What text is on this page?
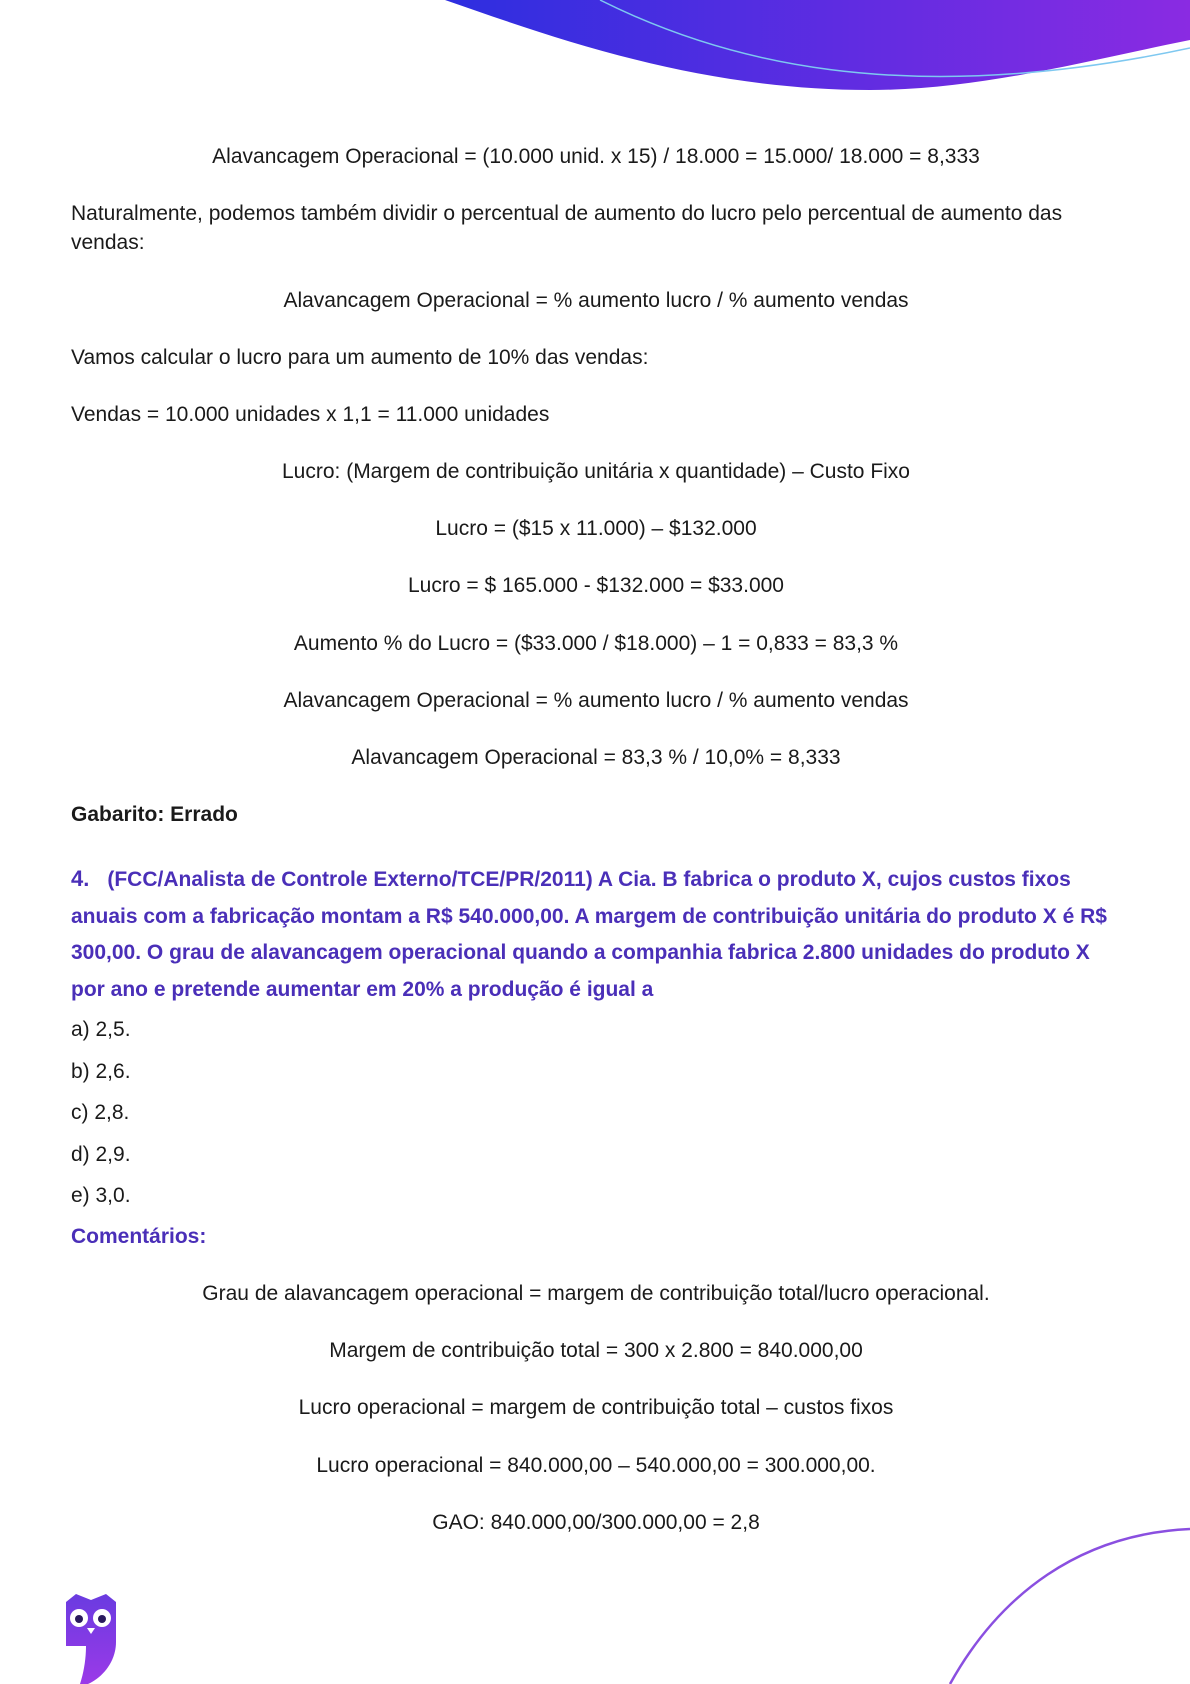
Alavancagem Operacional = (10.000 unid. x 15) / 18.000 = 15.000/ 18.000 = 8,333
Naturalmente, podemos também dividir o percentual de aumento do lucro pelo percentual de aumento das vendas:
Alavancagem Operacional = % aumento lucro / % aumento vendas
Vamos calcular o lucro para um aumento de 10% das vendas:
Vendas = 10.000 unidades x 1,1 = 11.000 unidades
Lucro: (Margem de contribuição unitária x quantidade) – Custo Fixo
Lucro = ($15 x 11.000) – $132.000
Lucro = $ 165.000 - $132.000 = $33.000
Aumento % do Lucro = ($33.000 / $18.000) – 1 = 0,833 = 83,3 %
Alavancagem Operacional = % aumento lucro / % aumento vendas
Alavancagem Operacional = 83,3 % / 10,0% = 8,333
Gabarito: Errado
4. (FCC/Analista de Controle Externo/TCE/PR/2011) A Cia. B fabrica o produto X, cujos custos fixos anuais com a fabricação montam a R$ 540.000,00. A margem de contribuição unitária do produto X é R$ 300,00. O grau de alavancagem operacional quando a companhia fabrica 2.800 unidades do produto X por ano e pretende aumentar em 20% a produção é igual a
a) 2,5.
b) 2,6.
c) 2,8.
d) 2,9.
e) 3,0.
Comentários:
Grau de alavancagem operacional = margem de contribuição total/lucro operacional.
Margem de contribuição total = 300 x 2.800 = 840.000,00
Lucro operacional = margem de contribuição total – custos fixos
Lucro operacional = 840.000,00 – 540.000,00 = 300.000,00.
GAO: 840.000,00/300.000,00 = 2,8
